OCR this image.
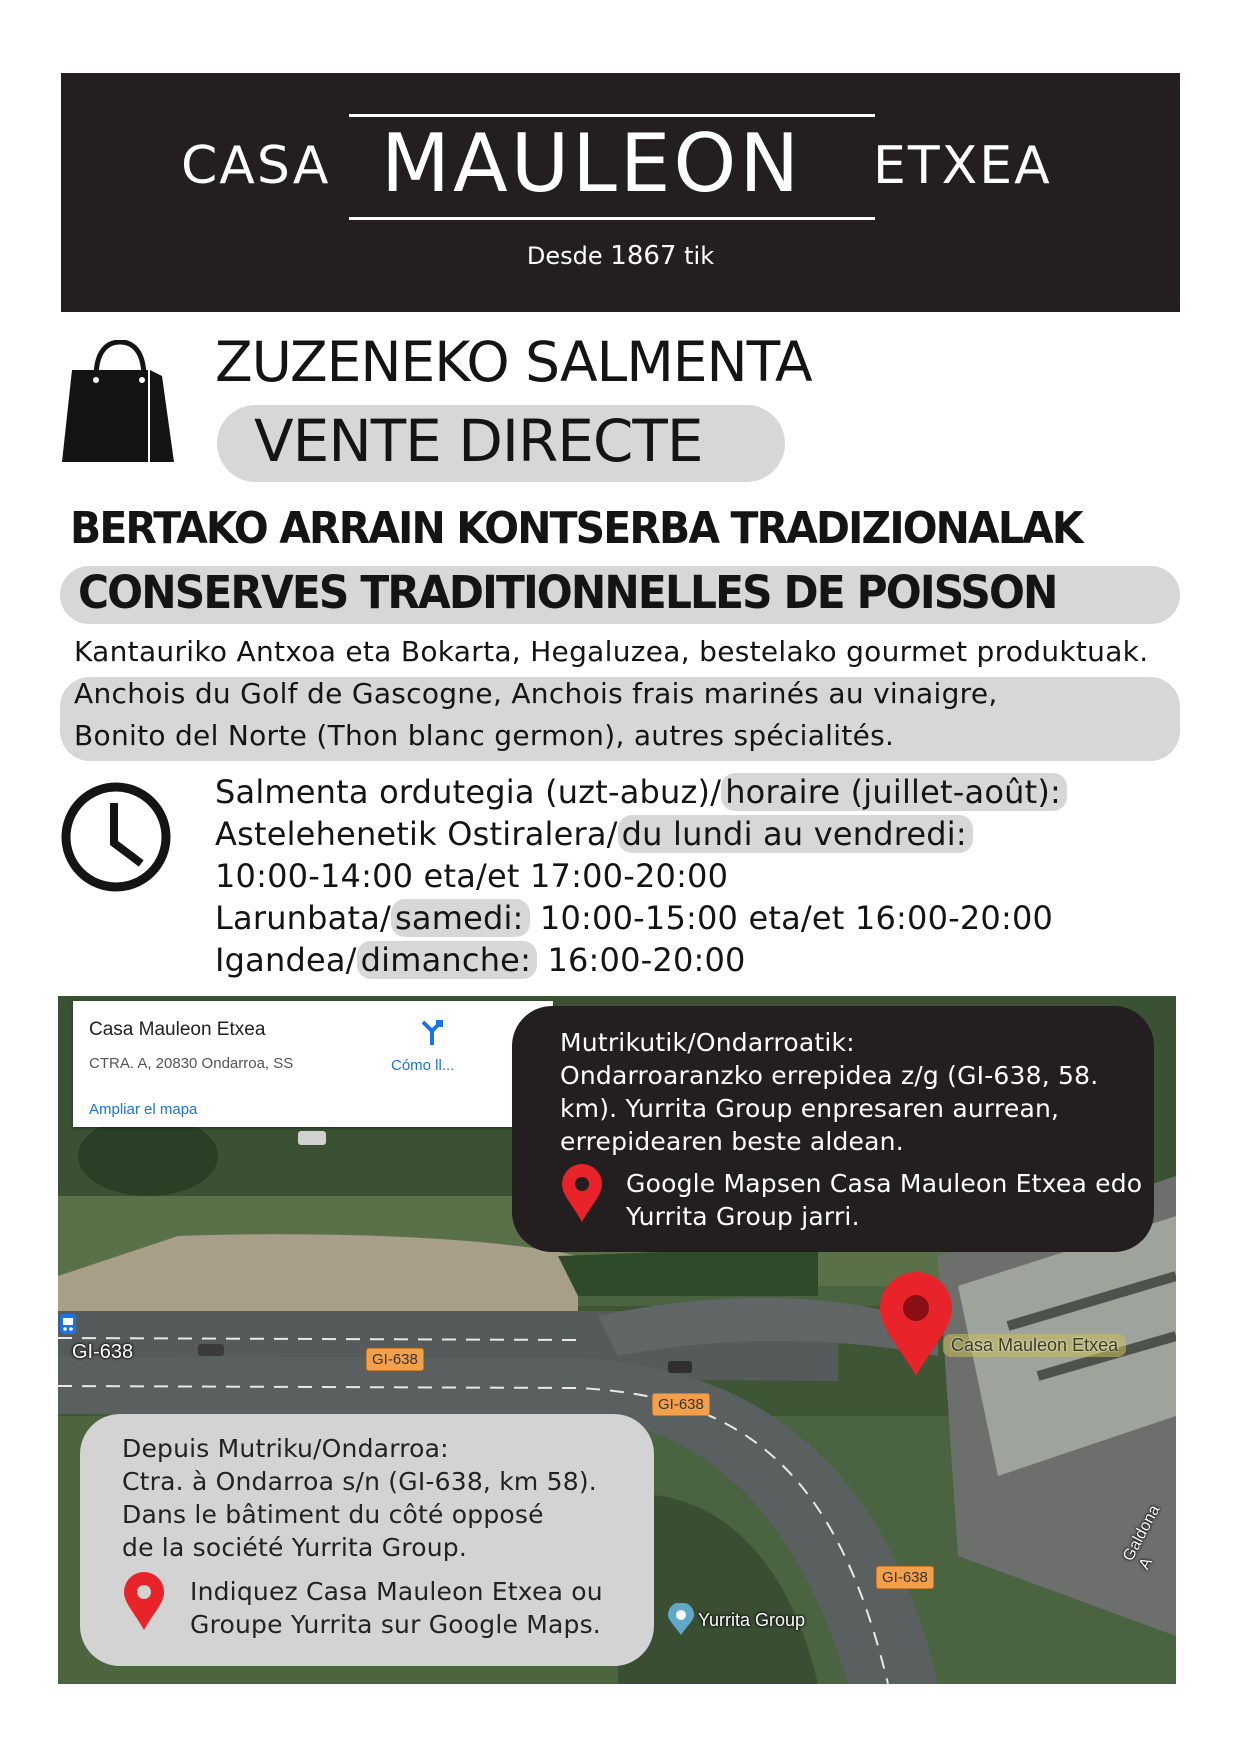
CASA MAULEON ETXEA
Desde 1867 tik
ZUZENEKO SALMENTA
VENTE DIRECTE
BERTAKO ARRAIN KONTSERBA TRADIZIONALAK
CONSERVES TRADITIONNELLES DE POISSON
Kantauriko Antxoa eta Bokarta, Hegaluzea, bestelako gourmet produktuak.
Anchois du Golf de Gascogne, Anchois frais marinés au vinaigre,
Bonito del Norte (Thon blanc germon), autres spécialités.
Salmenta ordutegia (uzt-abuz)/ horaire (juillet-août):
Astelehenetik Ostiralera/ du lundi au vendredi:
10:00-14:00 eta/et 17:00-20:00
Larunbata/ samedi: 10:00-15:00 eta/et 16:00-20:00
Igandea/ dimanche: 16:00-20:00
Casa Mauleon Etxea
CTRA. A, 20830 Ondarroa, SS	Cómo ll...
Ampliar el mapa
GI-638	GI-638
GI-638
GI-638
Casa Mauleon Etxea
Yurrita Group
Galdona A
Mutrikutik/Ondarroatik:
Ondarroaranzko errepidea z/g (GI-638, 58.
km). Yurrita Group enpresaren aurrean,
errepidearen beste aldean.
Google Mapsen Casa Mauleon Etxea edo
Yurrita Group jarri.
Depuis Mutriku/Ondarroa:
Ctra. à Ondarroa s/n (GI-638, km 58).
Dans le bâtiment du côté opposé
de la société Yurrita Group.
Indiquez Casa Mauleon Etxea ou
Groupe Yurrita sur Google Maps.
